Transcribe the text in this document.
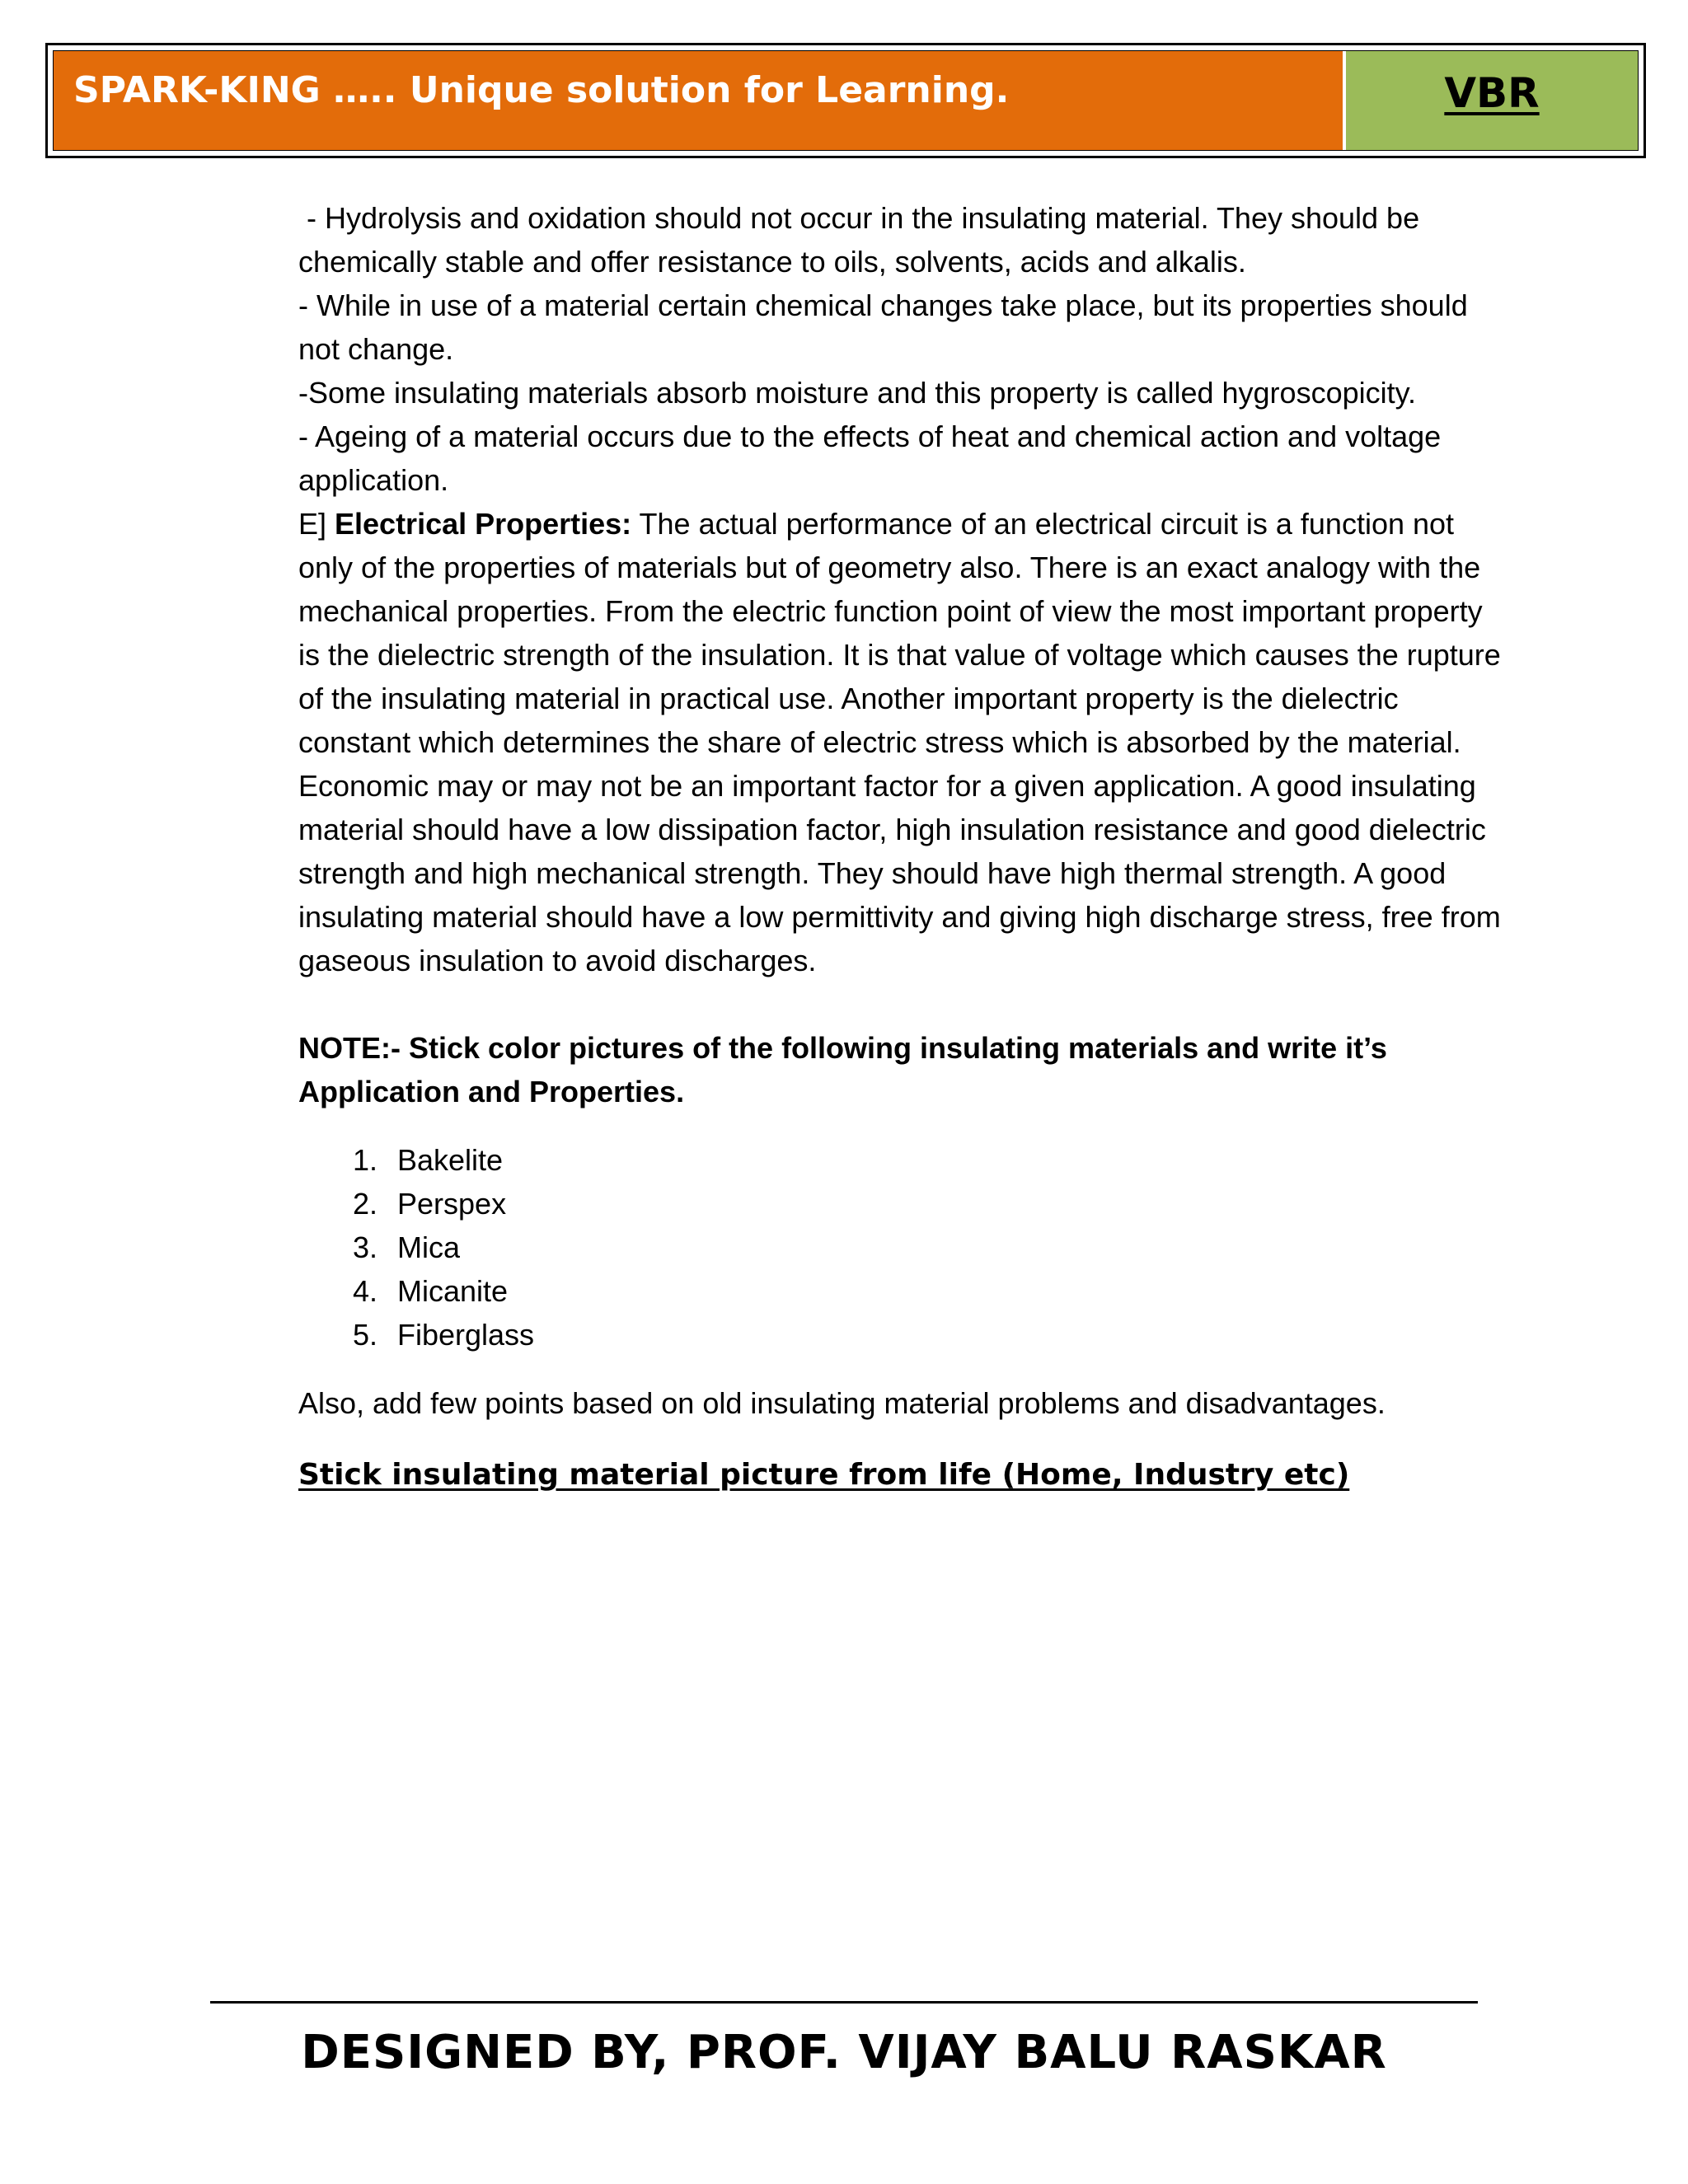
SPARK-KING ….. Unique solution for Learning.	VBR

- Hydrolysis and oxidation should not occur in the insulating material. They should be chemically stable and offer resistance to oils, solvents, acids and alkalis.

- While in use of a material certain chemical changes take place, but its properties should not change.

-Some insulating materials absorb moisture and this property is called hygroscopicity.

- Ageing of a material occurs due to the effects of heat and chemical action and voltage application.

E] Electrical Properties: The actual performance of an electrical circuit is a function not only of the properties of materials but of geometry also. There is an exact analogy with the mechanical properties. From the electric function point of view the most important property is the dielectric strength of the insulation. It is that value of voltage which causes the rupture of the insulating material in practical use. Another important property is the dielectric constant which determines the share of electric stress which is absorbed by the material. Economic may or may not be an important factor for a given application. A good insulating material should have a low dissipation factor, high insulation resistance and good dielectric strength and high mechanical strength. They should have high thermal strength. A good insulating material should have a low permittivity and giving high discharge stress, free from gaseous insulation to avoid discharges.

NOTE:- Stick color pictures of the following insulating materials and write it’s Application and Properties.

1. Bakelite
2. Perspex
3. Mica
4. Micanite
5. Fiberglass

Also, add few points based on old insulating material problems and disadvantages.

Stick insulating material picture from life (Home, Industry etc)

DESIGNED BY, PROF. VIJAY BALU RASKAR
